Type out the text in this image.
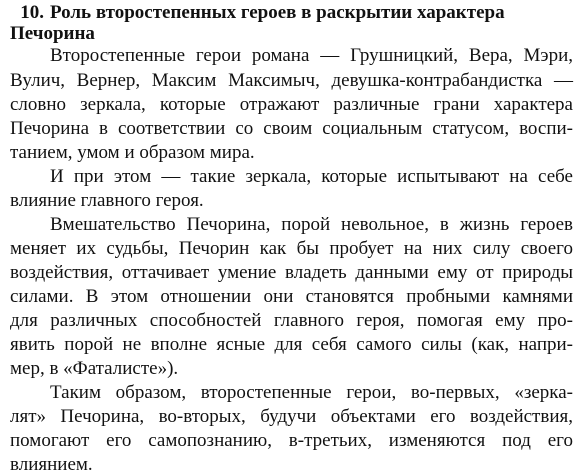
10. Роль второстепенных героев в раскрытии характера
Печорина

Второстепенные герои романа — Грушницкий, Вера, Мэри,

Вулич, Вернер, Максим Максимыч, девушка-контрабандистка —

словно зеркала, которые отражают различные грани характера

Печорина в соответствии со своим социальным статусом, воспи-

танием, умом и образом мира.

И при этом — такие зеркала, которые испытывают на себе

влияние главного героя.

Вмешательство Печорина, порой невольное, в жизнь героев

меняет их судьбы, Печорин как бы пробует на них силу своего

воздействия, оттачивает умение владеть данными ему от природы

силами. В этом отношении они становятся пробными камнями

для различных способностей главного героя, помогая ему про-

явить порой не вполне ясные для себя самого силы (как, напри-

мер, в «Фаталисте»).

Таким образом, второстепенные герои, во-первых, «зерка-

лят» Печорина, во-вторых, будучи объектами его воздействия,

помогают его самопознанию, в-третьих, изменяются под его

влиянием.
